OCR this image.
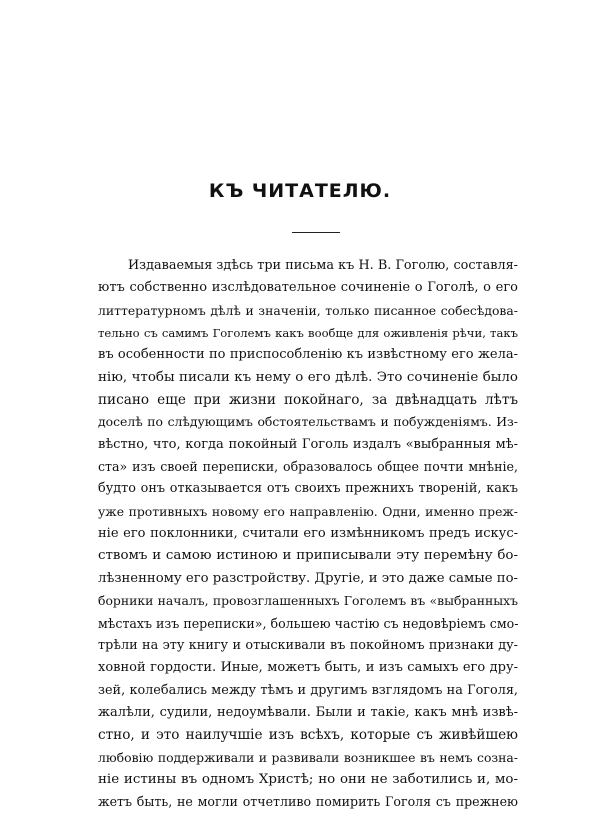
КЪ ЧИТАТЕЛЮ.
Издаваемыя здѣсь три письма къ Н. В. Гоголю, составля-
ютъ собственно изслѣдовательное сочиненіе о Гоголѣ, о его
литтературномъ дѣлѣ и значеніи, только писанное собесѣдова-
тельно съ самимъ Гоголемъ какъ вообще для оживленія рѣчи, такъ
въ особенности по приспособленію къ извѣстному его жела-
нію, чтобы писали къ нему о его дѣлѣ. Это сочиненіе было
писано еще при жизни покойнаго, за двѣнадцать лѣтъ
доселѣ по слѣдующимъ обстоятельствамъ и побужденіямъ. Из-
вѣстно, что, когда покойный Гоголь издалъ «выбранныя мѣ-
ста» изъ своей переписки, образовалось общее почти мнѣніе,
будто онъ отказывается отъ своихъ прежнихъ твореній, какъ
уже противныхъ новому его направленію. Одни, именно преж-
ніе его поклонники, считали его измѣнникомъ предъ искус-
ствомъ и самою истиною и приписывали эту перемѣну бо-
лѣзненному его разстройству. Другіе, и это даже самые по-
борники началъ, провозглашенныхъ Гоголемъ въ «выбранныхъ
мѣстахъ изъ переписки», большею частію съ недовѣріемъ смо-
трѣли на эту книгу и отыскивали въ покойномъ признаки ду-
ховной гордости. Иные, можетъ быть, и изъ самыхъ его дру-
зей, колебались между тѣмъ и другимъ взглядомъ на Гоголя,
жалѣли, судили, недоумѣвали. Были и такіе, какъ мнѣ извѣ-
стно, и это наилучшіе изъ всѣхъ, которые съ живѣйшею
любовію поддерживали и развивали возникшее въ немъ созна-
ніе истины въ одномъ Христѣ; но они не заботились и, мо-
жетъ быть, не могли отчетливо помирить Гоголя съ прежнею
